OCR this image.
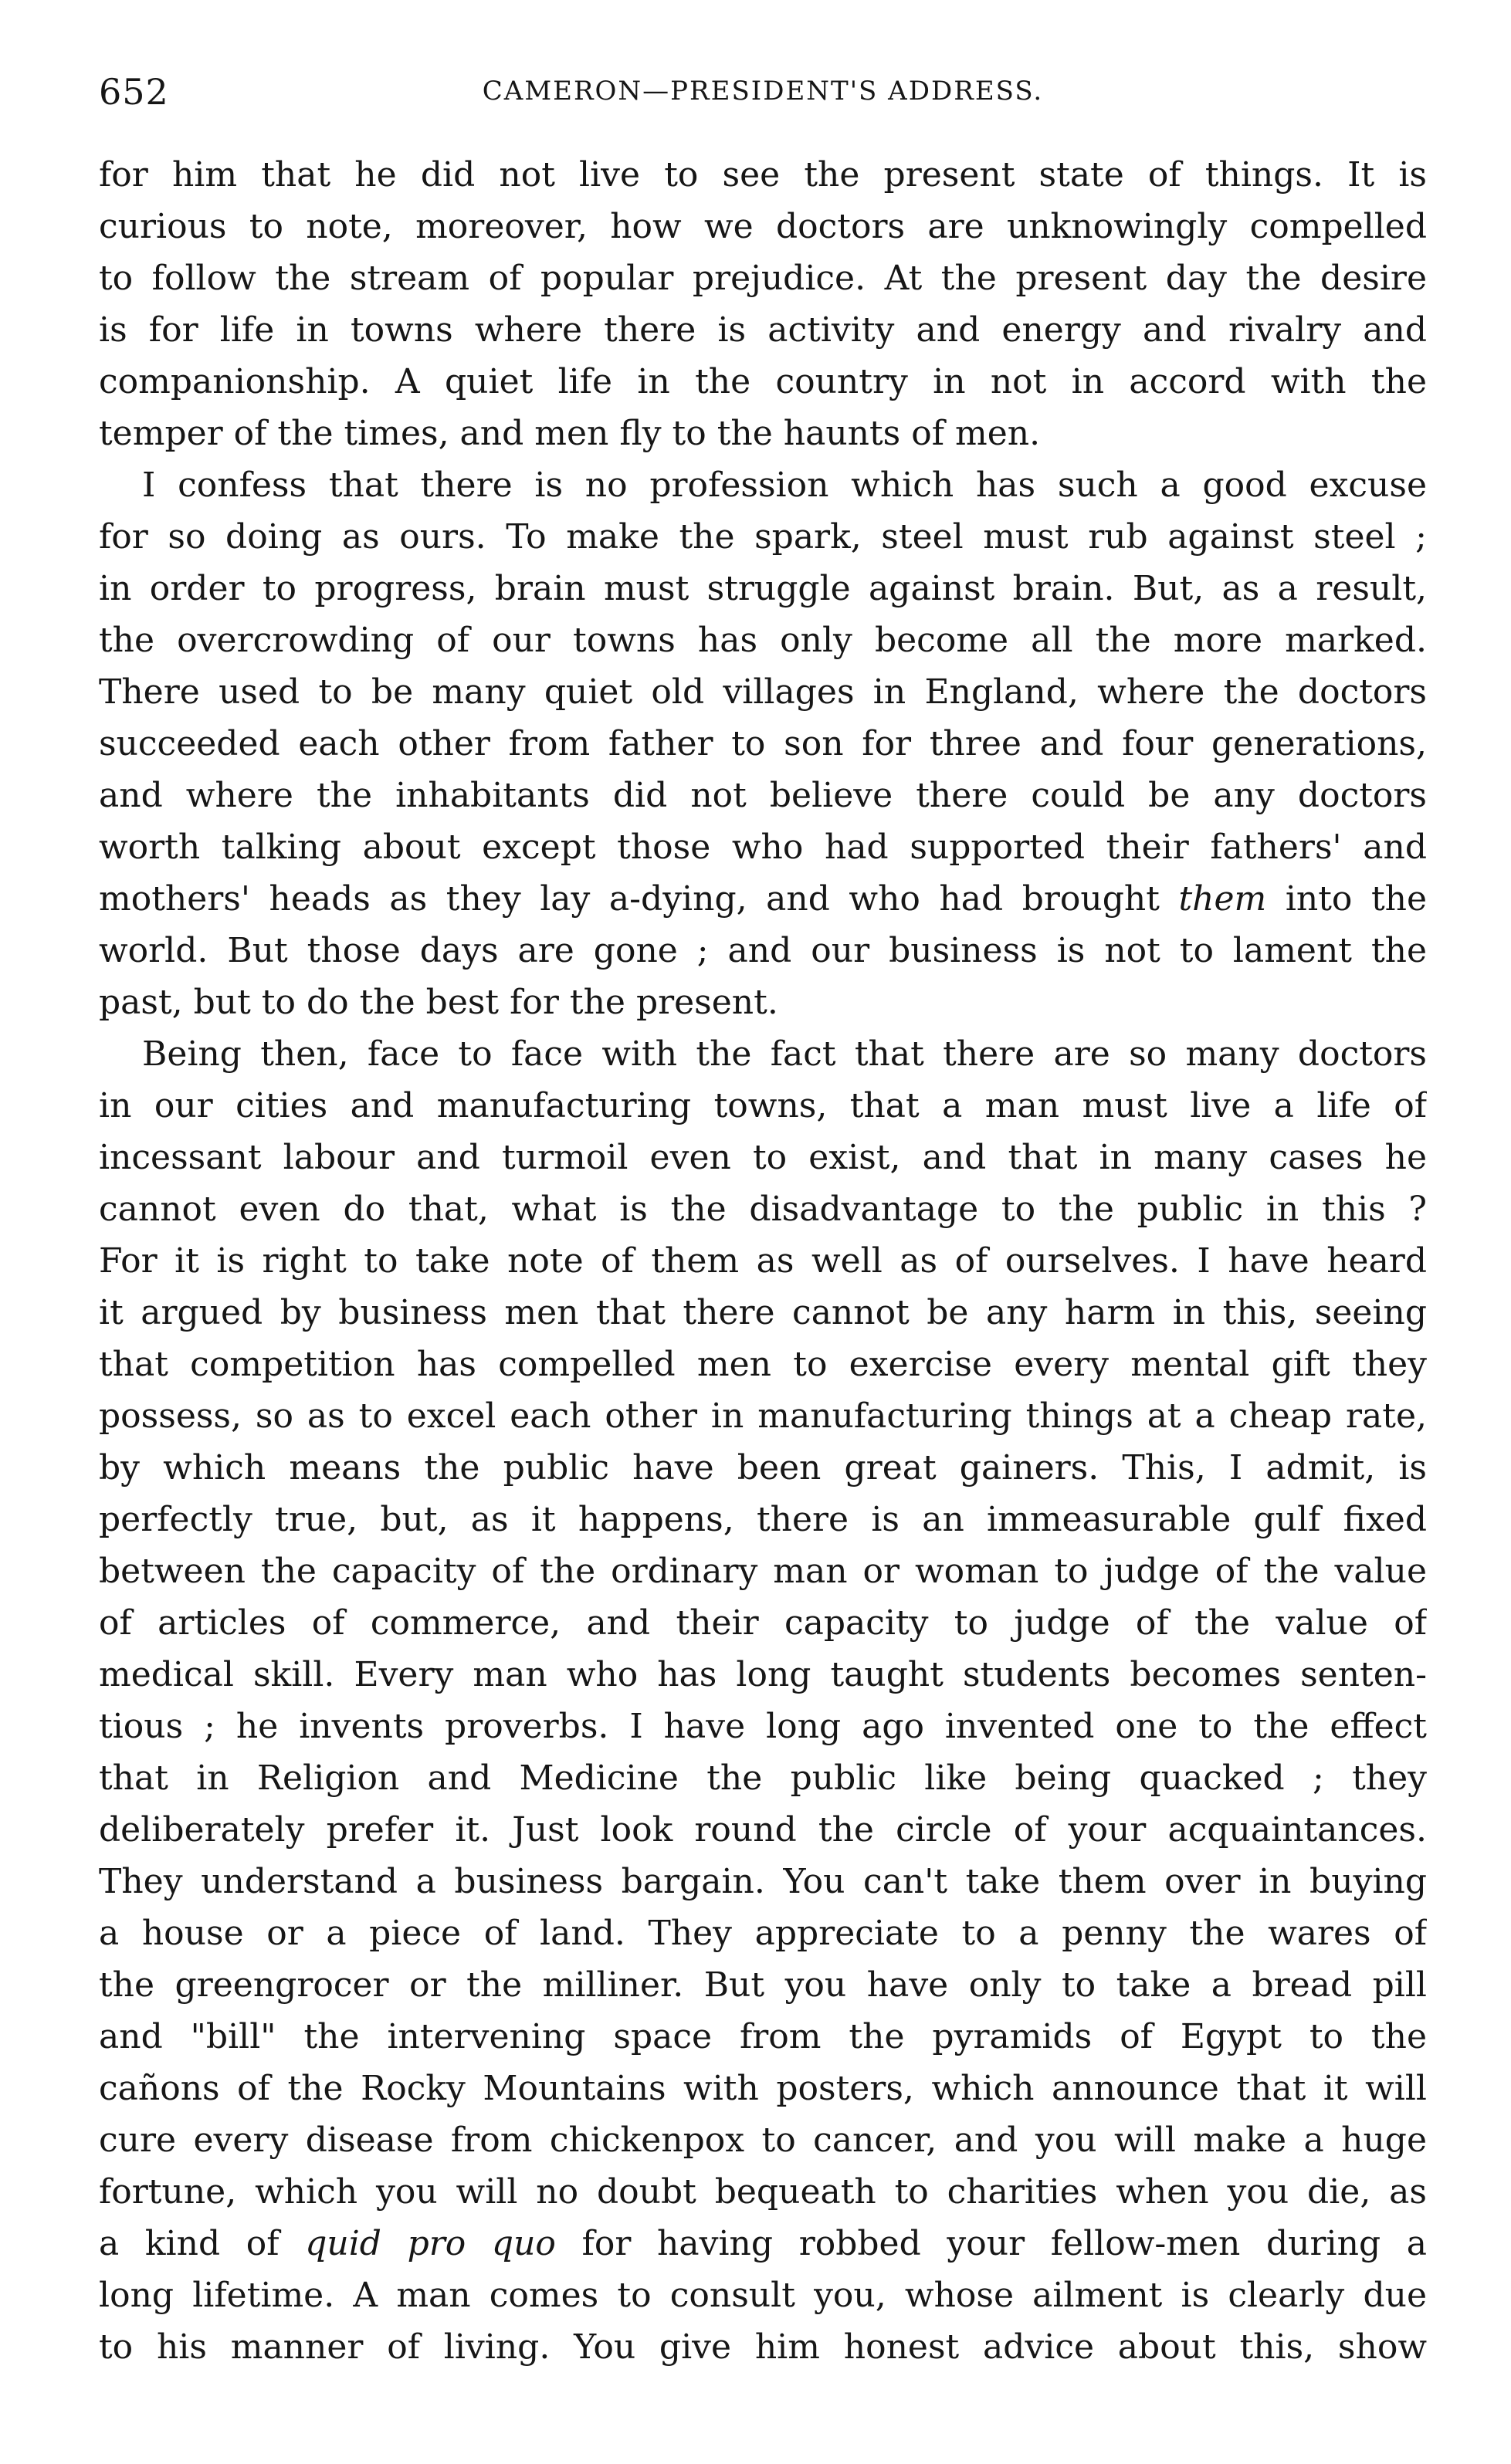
652	CAMERON—PRESIDENT'S ADDRESS.
for him that he did not live to see the present state of things. It is
curious to note, moreover, how we doctors are unknowingly compelled
to follow the stream of popular prejudice. At the present day the desire
is for life in towns where there is activity and energy and rivalry and
companionship. A quiet life in the country in not in accord with the
temper of the times, and men fly to the haunts of men.
I confess that there is no profession which has such a good excuse
for so doing as ours. To make the spark, steel must rub against steel ;
in order to progress, brain must struggle against brain. But, as a result,
the overcrowding of our towns has only become all the more marked.
There used to be many quiet old villages in England, where the doctors
succeeded each other from father to son for three and four generations,
and where the inhabitants did not believe there could be any doctors
worth talking about except those who had supported their fathers' and
mothers' heads as they lay a-dying, and who had brought them into the
world. But those days are gone ; and our business is not to lament the
past, but to do the best for the present.
Being then, face to face with the fact that there are so many doctors
in our cities and manufacturing towns, that a man must live a life of
incessant labour and turmoil even to exist, and that in many cases he
cannot even do that, what is the disadvantage to the public in this ?
For it is right to take note of them as well as of ourselves. I have heard
it argued by business men that there cannot be any harm in this, seeing
that competition has compelled men to exercise every mental gift they
possess, so as to excel each other in manufacturing things at a cheap rate,
by which means the public have been great gainers. This, I admit, is
perfectly true, but, as it happens, there is an immeasurable gulf fixed
between the capacity of the ordinary man or woman to judge of the value
of articles of commerce, and their capacity to judge of the value of
medical skill. Every man who has long taught students becomes senten-
tious ; he invents proverbs. I have long ago invented one to the effect
that in Religion and Medicine the public like being quacked ; they
deliberately prefer it. Just look round the circle of your acquaintances.
They understand a business bargain. You can't take them over in buying
a house or a piece of land. They appreciate to a penny the wares of
the greengrocer or the milliner. But you have only to take a bread pill
and "bill" the intervening space from the pyramids of Egypt to the
cañons of the Rocky Mountains with posters, which announce that it will
cure every disease from chickenpox to cancer, and you will make a huge
fortune, which you will no doubt bequeath to charities when you die, as
a kind of quid pro quo for having robbed your fellow-men during a
long lifetime. A man comes to consult you, whose ailment is clearly due
to his manner of living. You give him honest advice about this, show
